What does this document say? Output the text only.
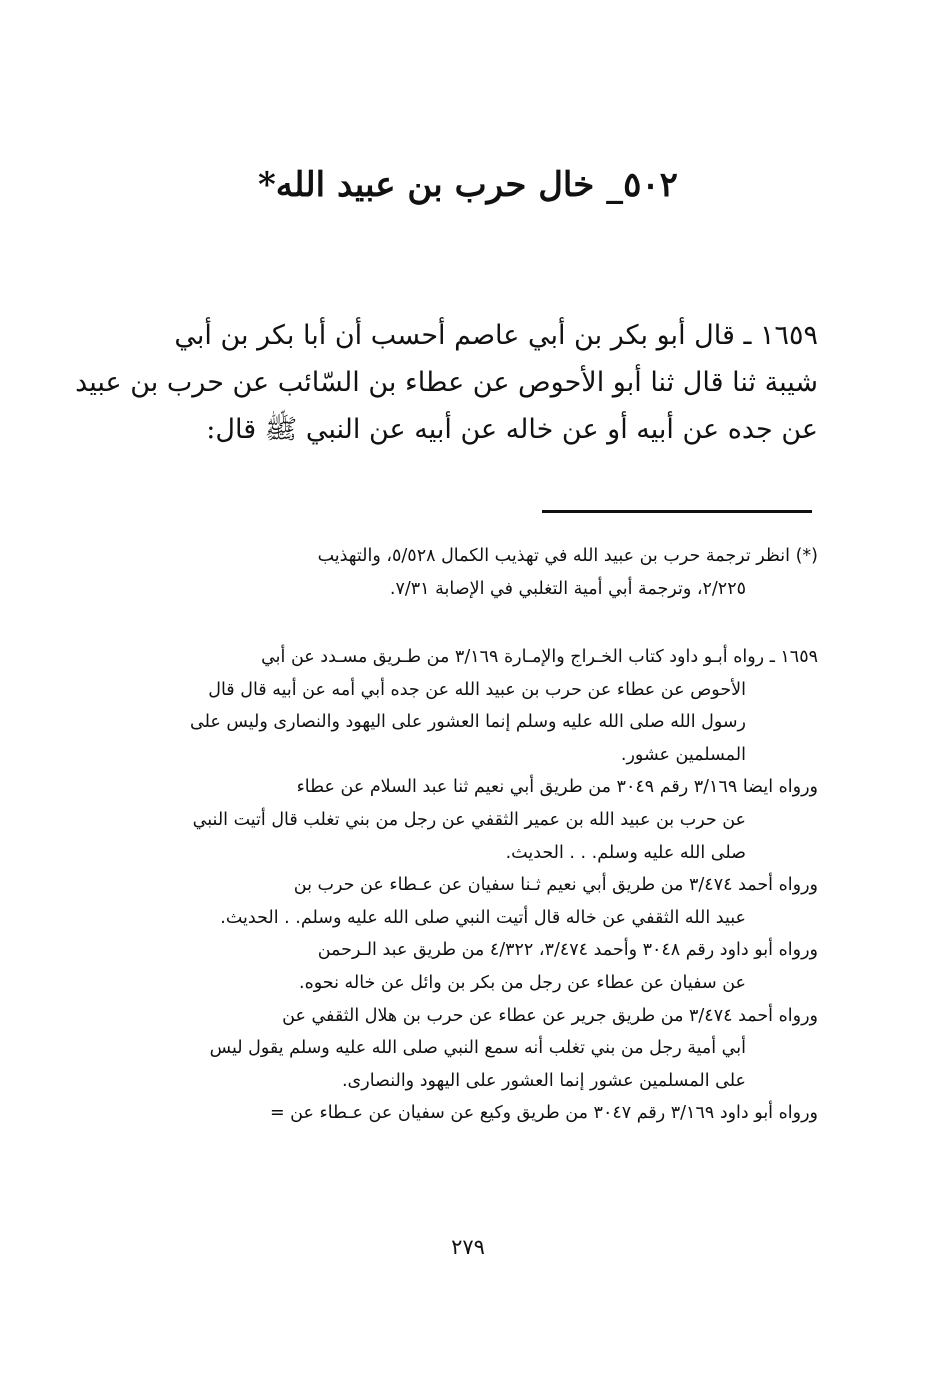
٥٠٢_ خال حرب بن عبيد الله*
١٦٥٩ ـ قال أبو بكر بن أبي عاصم أحسب أن أبا بكر بن أبي
شيبة ثنا قال ثنا أبو الأحوص عن عطاء بن السّائب عن حرب بن عبيد
عن جده عن أبيه أو عن خاله عن أبيه عن النبي ﷺ قال:
(*) انظر ترجمة حرب بن عبيد الله في تهذيب الكمال ٥/٥٢٨، والتهذيب
٢/٢٢٥، وترجمة أبي أمية التغلبي في الإصابة ٧/٣١.
١٦٥٩ ـ رواه أبـو داود كتاب الخـراج والإمـارة ٣/١٦٩ من طـريق مسـدد عن أبي
الأحوص عن عطاء عن حرب بن عبيد الله عن جده أبي أمه عن أبيه قال قال
رسول الله صلى الله عليه وسلم إنما العشور على اليهود والنصارى وليس على
المسلمين عشور.
ورواه ايضا ٣/١٦٩ رقم ٣٠٤٩ من طريق أبي نعيم ثنا عبد السلام عن عطاء
عن حرب بن عبيد الله بن عمير الثقفي عن رجل من بني تغلب قال أتيت النبي
صلى الله عليه وسلم. . . الحديث.
ورواه أحمد ٣/٤٧٤ من طريق أبي نعيم ثـنا سفيان عن عـطاء عن حرب بن
عبيد الله الثقفي عن خاله قال أتيت النبي صلى الله عليه وسلم. . الحديث.
ورواه أبو داود رقم ٣٠٤٨ وأحمد ٣/٤٧٤، ٤/٣٢٢ من طريق عبد الـرحمن
عن سفيان عن عطاء عن رجل من بكر بن وائل عن خاله نحوه.
ورواه أحمد ٣/٤٧٤ من طريق جرير عن عطاء عن حرب بن هلال الثقفي عن
أبي أمية رجل من بني تغلب أنه سمع النبي صلى الله عليه وسلم يقول ليس
على المسلمين عشور إنما العشور على اليهود والنصارى.
ورواه أبو داود ٣/١٦٩ رقم ٣٠٤٧ من طريق وكيع عن سفيان عن عـطاء عن =
٢٧٩
